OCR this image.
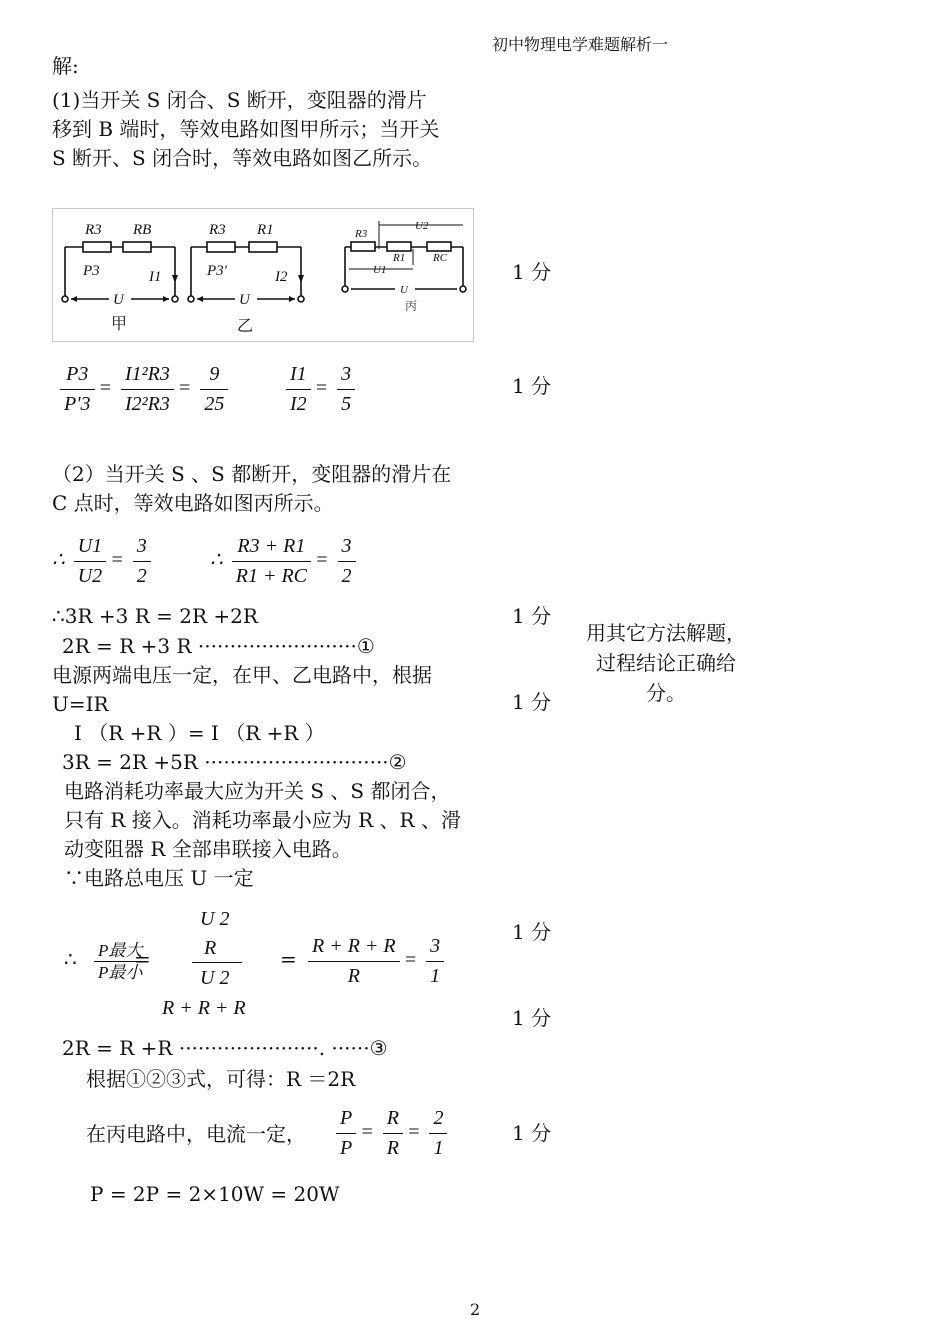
初中物理电学难题解析一
解:
(1)当开关 S 闭合、S 断开，变阻器的滑片
移到 B 端时，等效电路如图甲所示；当开关
S 断开、S 闭合时，等效电路如图乙所示。
R3 RB
P3	I1
U
R3 R1
P3'	I2
U
R3
R1	RC
U2
U1
U
甲	乙
丙
$\frac{P3}{P'3} = \frac{\text{I1²R3}}{\text{I2²R3}} = \frac{9}{25}$	$\frac{I1}{I2} = \frac{3}{5}$
（2）当开关 S 、S 都断开，变阻器的滑片在
C 点时，等效电路如图丙所示。
∴ $\frac{U1}{U2} = \frac{3}{2}$	∴ $\frac{R3 + R1}{R1 + RC} = \frac{3}{2}$
∴3R +3 R = 2R +2R
2R = R +3 R ·························①
电源两端电压一定，在甲、乙电路中，根据
U=IR
I （R +R ）= I （R +R ）
3R = 2R +5R ·····························②
电路消耗功率最大应为开关 S 、S 都闭合，
只有 R 接入。消耗功率最小应为 R 、R 、滑
动变阻器 R 全部串联接入电路。
∵电路总电压 U 一定
∴ $\frac{\text{P最大}}{\text{P最小}}$
=
U 2
R
U 2
R + R + R
= $\frac{R + R + R}{R} = \frac{3}{1}$
2R = R +R ······················. ······③
根据①②③式，可得：R ＝2R
在丙电路中，电流一定， $\frac{P}{P} = \frac{R}{R} = \frac{2}{1}$
P = 2P = 2×10W = 20W
1 分
1 分
1 分
1 分
1 分
1 分
1 分
用其它方法解题，过程结论正确给分。
2
